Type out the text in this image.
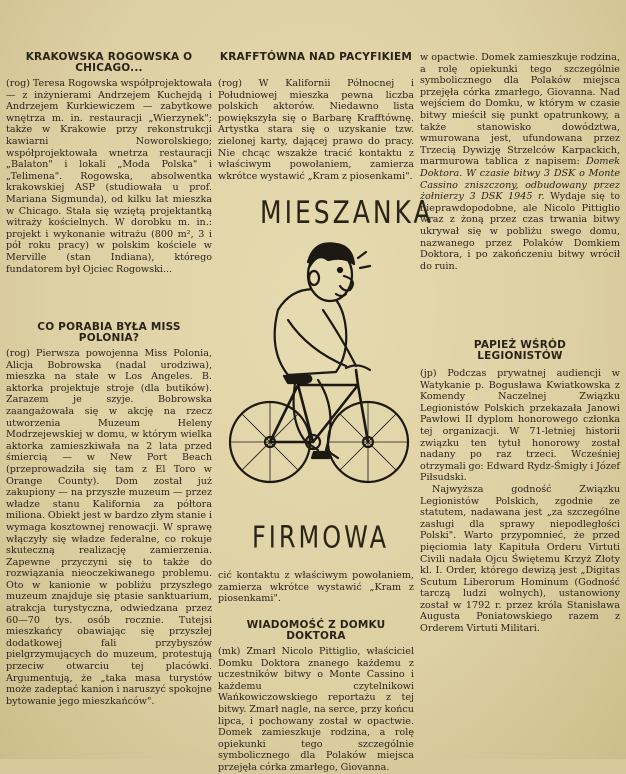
KRAKOWSKA ROGOWSKA O CHICAGO...

(rog) Teresa Rogowska współprojektowała — z inżynierami Andrzejem Kuchejdą i Andrzejem Kurkiewiczem — zabytkowe wnętrza m. in. restauracji „Wierzynek"; także w Krakowie przy rekonstrukcji kawiarni Noworolskiego; współprojektowała wnetrza restauracji „Balaton" i lokali „Moda Polska" i „Telimena". Rogowska, absolwentka krakowskiej ASP (studiowała u prof. Mariana Sigmunda), od kilku lat mieszka w Chicago. Stała się wziętą projektantką witraży kościelnych. W dorobku m. in.: projekt i wykonanie witrażu (800 m², 3 i pół roku pracy) w polskim kościele w Merville (stan Indiana), którego fundatorem był Ojciec Rogowski...

CO PORABIA BYŁA MISS POLONIA?

(rog) Pierwsza powojenna Miss Polonia, Alicja Bobrowska (nadal urodziwa), mieszka na stałe w Los Angeles. B. aktorka projektuje stroje (dla butików). Zarazem je szyje. Bobrowska zaangażowała się w akcję na rzecz utworzenia Muzeum Heleny Modrzejewskiej w domu, w którym wielka aktorka zamieszkiwała na 2 lata przed śmiercią — w New Port Beach (przeprowadziła się tam z El Toro w Orange County). Dom został już zakupiony — na przyszłe muzeum — przez władze stanu Kalifornia za półtora miliona. Obiekt jest w bardzo złym stanie i wymaga kosztownej renowacji. W sprawę włączyły się władze federalne, co rokuje skuteczną realizację zamierzenia. Zapewne przyczyni się to także do rozwiązania nieoczekiwanego problemu. Oto w kanionie w pobliżu przyszłego muzeum znajduje się ptasie sanktuarium, atrakcja turystyczna, odwiedzana przez 60—70 tys. osób rocznie. Tutejsi mieszkańcy obawiając się przyszłej dodatkowej fali przybyszów pielgrzymujących do muzeum, protestują przeciw otwarciu tej placówki. Argumentują, że „taka masa turystów może zadeptać kanion i naruszyć spokojne bytowanie jego mieszkańców".

KRAFFTÓWNA NAD PACYFIKIEM

(rog) W Kalifornii Północnej i Południowej mieszka pewna liczba polskich aktorów. Niedawno lista powiększyła się o Barbarę Krafftównę. Artystka stara się o uzyskanie tzw. zielonej karty, dającej prawo do pracy. Nie chcąc wszakże tracić kontaktu z właściwym powołaniem, zamierza wkrótce wystawić „Kram z piosenkami".

cić kontaktu z właściwym powołaniem, zamierza wkrótce wystawić „Kram z piosenkami".

WIADOMOŚĆ Z DOMKU DOKTORA

(mk) Zmarł Nicolo Pittiglio, właściciel Domku Doktora znanego każdemu z uczestników bitwy o Monte Cassino i każdemu czytelnikowi Wańkowiczowskiego reportażu z tej bitwy. Zmarł nagle, na serce, przy końcu lipca, i pochowany został w opactwie. Domek zamieszkuje rodzina, a rolę opiekunki tego szczególnie symbolicznego dla Polaków miejsca przejęła córka zmarłego, Giovanna.

MIESZANKA
FIRMOWA

w opactwie. Domek zamieszkuje rodzina, a rolę opiekunki tego szczególnie symbolicznego dla Polaków miejsca przejęła córka zmarłego, Giovanna. Nad wejściem do Domku, w którym w czasie bitwy mieścił się punkt opatrunkowy, a także stanowisko dowództwa, wmurowana jest, ufundowana przez Trzecią Dywizję Strzelców Karpackich, marmurowa tablica z napisem: Domek Doktora. W czasie bitwy 3 DSK o Monte Cassino zniszczony, odbudowany przez żołnierzy 3 DSK 1945 r. Wydaje się to nieprawdopodobne, ale Nicolo Pittiglio wraz z żoną przez czas trwania bitwy ukrywał się w pobliżu swego domu, nazwanego przez Polaków Domkiem Doktora, i po zakończeniu bitwy wrócił do ruin.

PAPIEŻ WŚRÓD LEGIONISTÓW

(jp) Podczas prywatnej audiencji w Watykanie p. Bogusława Kwiatkowska z Komendy Naczelnej Związku Legionistów Polskich przekazała Janowi Pawłowi II dyplom honorowego członka tej organizacji. W 71-letniej historii związku ten tytuł honorowy został nadany po raz trzeci. Wcześniej otrzymali go: Edward Rydz-Śmigły i Józef Piłsudski.

Najwyższa godność Związku Legionistów Polskich, zgodnie ze statutem, nadawana jest „za szczególne zasługi dla sprawy niepodległości Polski". Warto przypomnieć, że przed pięciomia laty Kapituła Orderu Virtuti Civili nadała Ojcu Świętemu Krzyż Złoty kl. I. Order, którego dewizą jest „Digitas Scutum Liberorum Hominum (Godność tarczą ludzi wolnych), ustanowiony został w 1792 r. przez króla Stanisława Augusta Poniatowskiego razem z Orderem Virtuti Militari.
